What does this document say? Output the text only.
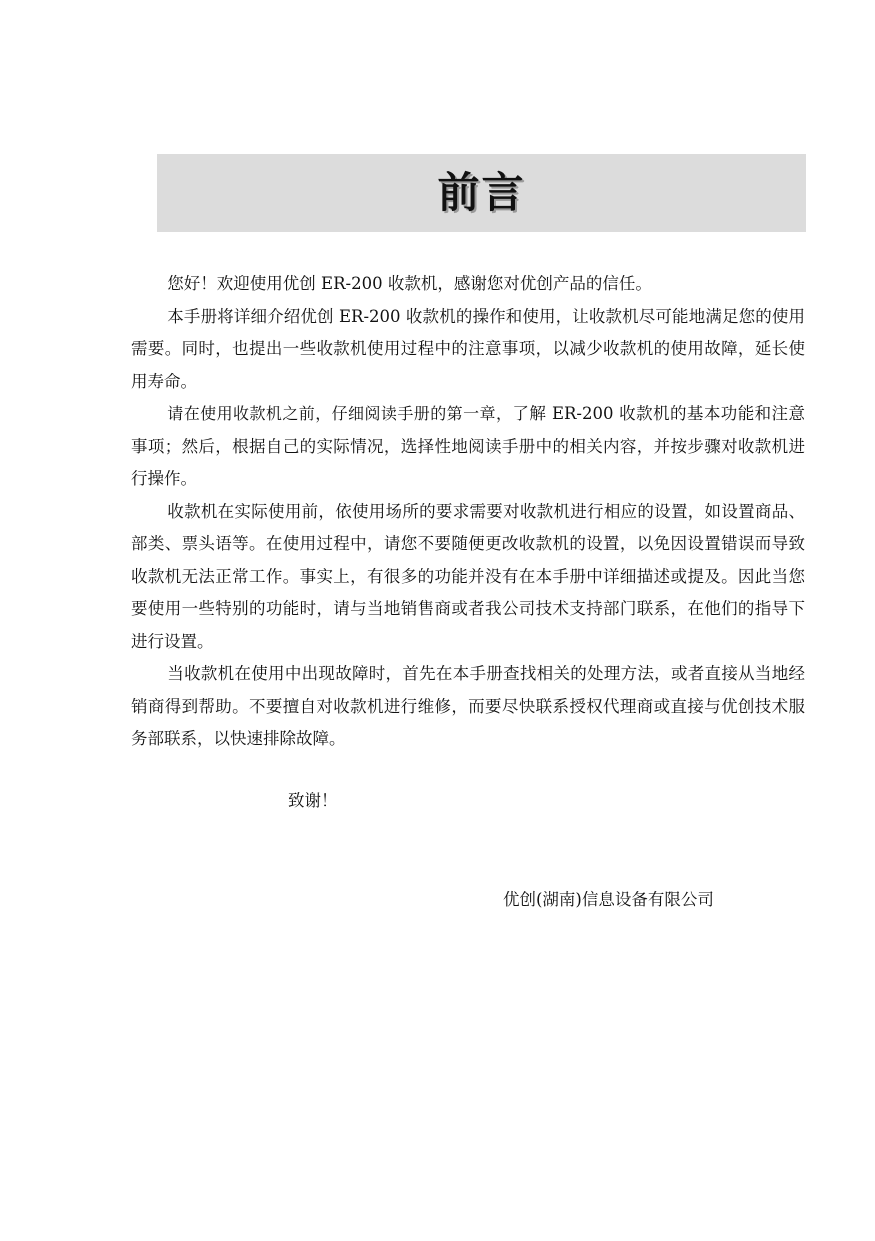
前言

您好！欢迎使用优创 ER-200 收款机，感谢您对优创产品的信任。

本手册将详细介绍优创 ER-200 收款机的操作和使用，让收款机尽可能地满足您的使用需要。同时，也提出一些收款机使用过程中的注意事项，以减少收款机的使用故障，延长使用寿命。

请在使用收款机之前，仔细阅读手册的第一章，了解 ER-200 收款机的基本功能和注意事项；然后，根据自己的实际情况，选择性地阅读手册中的相关内容，并按步骤对收款机进行操作。

收款机在实际使用前，依使用场所的要求需要对收款机进行相应的设置，如设置商品、部类、票头语等。在使用过程中，请您不要随便更改收款机的设置，以免因设置错误而导致收款机无法正常工作。事实上，有很多的功能并没有在本手册中详细描述或提及。因此当您要使用一些特别的功能时，请与当地销售商或者我公司技术支持部门联系，在他们的指导下进行设置。

当收款机在使用中出现故障时，首先在本手册查找相关的处理方法，或者直接从当地经销商得到帮助。不要擅自对收款机进行维修，而要尽快联系授权代理商或直接与优创技术服务部联系，以快速排除故障。

致谢！
优创(湖南)信息设备有限公司
